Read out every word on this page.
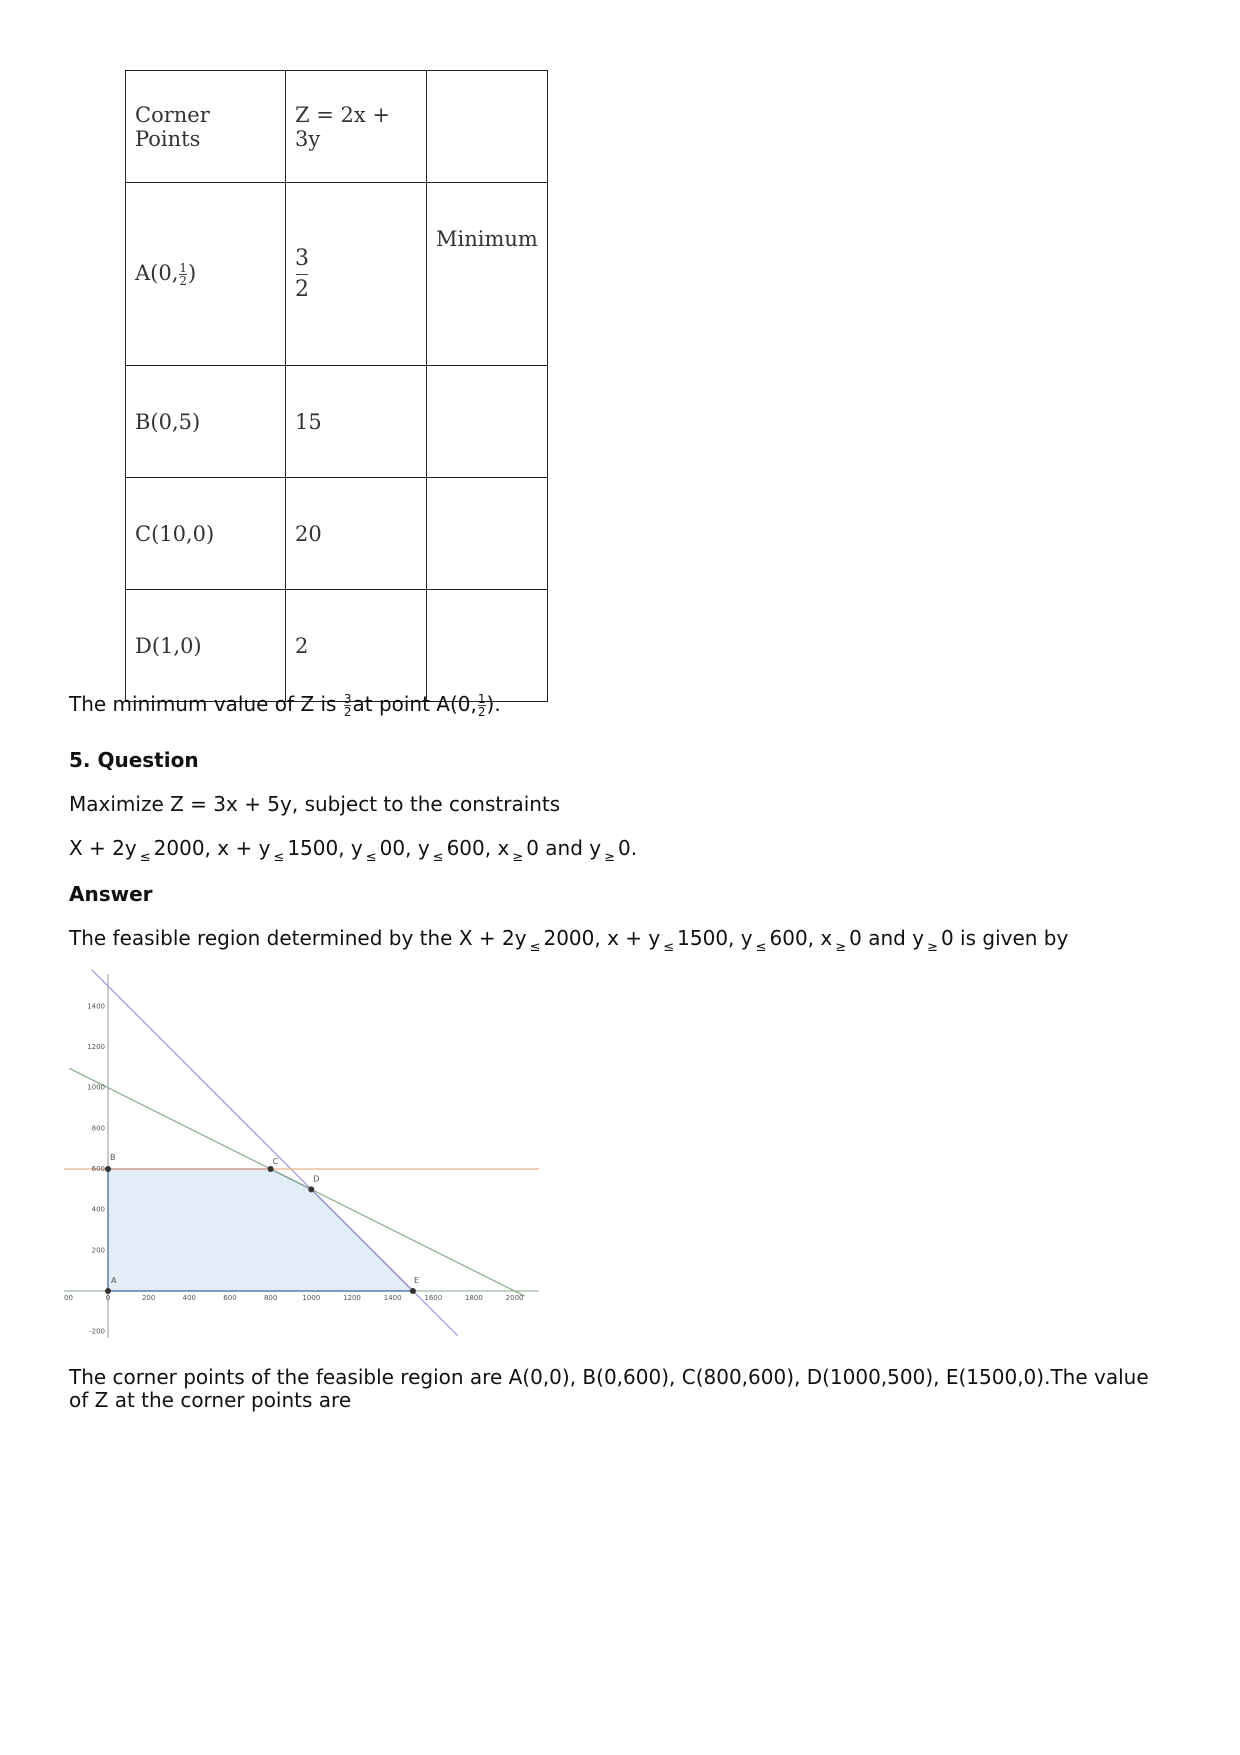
Corner Points	Z = 2x + 3y	
A(0, $\frac{1}{2}$ )	$\frac{3}{2}$	Minimum
B(0,5)	15	
C(10,0)	20	
D(1,0)	2	
The minimum value of Z is $\frac{3}{2}$ at point A(0, $\frac{1}{2}$ ).
5. Question
Maximize Z = 3x + 5y, subject to the constraints
X + 2y $_\le$ 2000, x + y $_\le$ 1500, y $_\le$ 00, y $_\le$ 600, x $_\ge$ 0 and y $_\ge$ 0.
Answer
The feasible region determined by the X + 2y $_\le$ 2000, x + y $_\le$ 1500, y $_\le$ 600, x $_\ge$ 0 and y $_\ge$ 0 is given by
00	0	200	400	600	800	1000	1200	1400	1600	1800	2000
1400
1200
1000
800
600
400
200
-200
A
B	C
D
E
The corner points of the feasible region are A(0,0), B(0,600), C(800,600), D(1000,500), E(1500,0).The value
of Z at the corner points are
